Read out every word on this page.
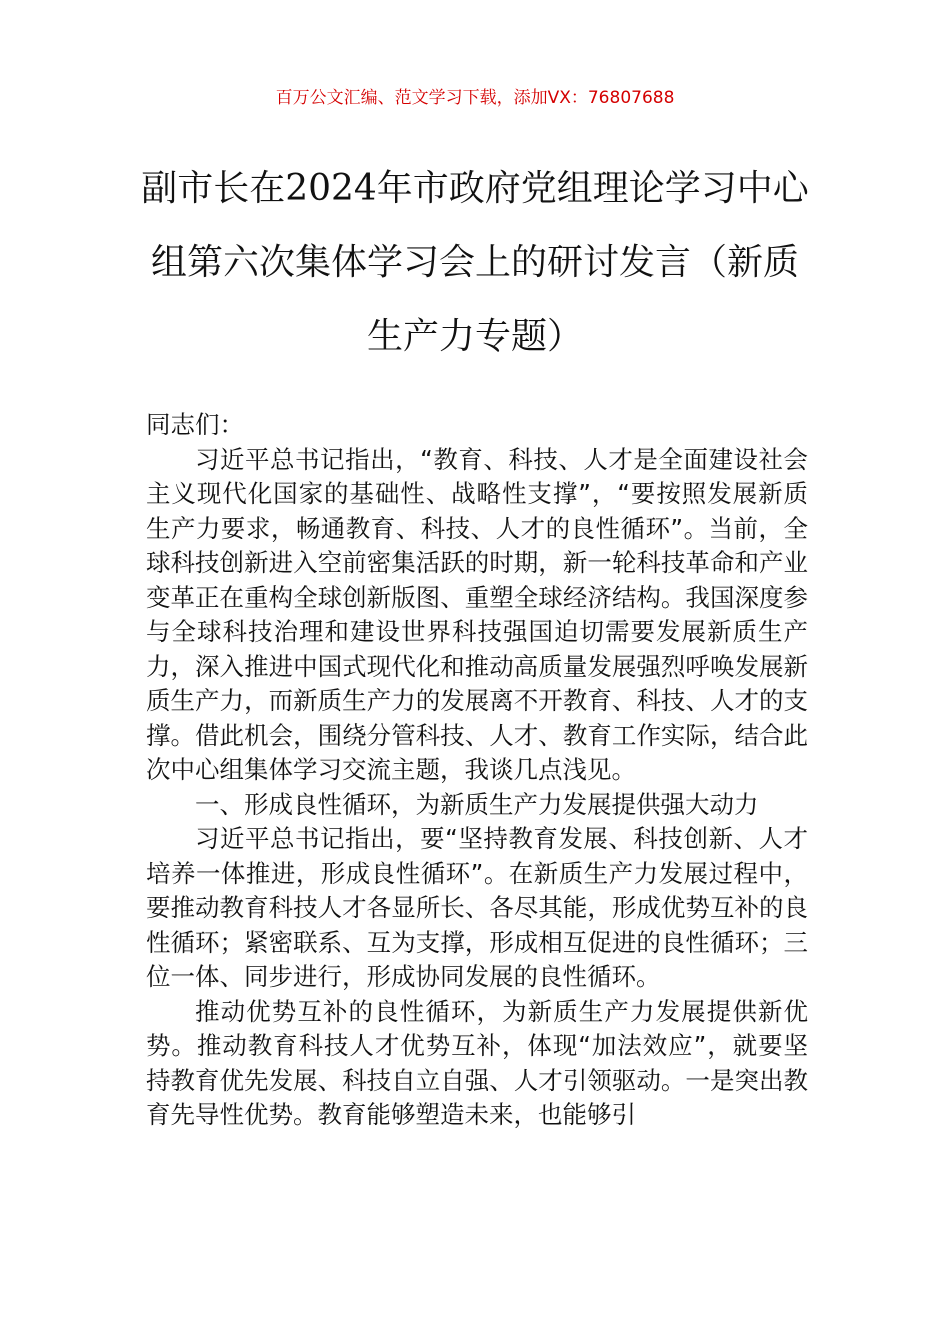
百万公文汇编、范文学习下载，添加VX：76807688
副市长在2024年市政府党组理论学习中心
组第六次集体学习会上的研讨发言（新质
生产力专题）

同志们：

习近平总书记指出，“教育、科技、人才是全面建设社会主义现代化国家的基础性、战略性支撑”，“要按照发展新质生产力要求，畅通教育、科技、人才的良性循环”。当前，全球科技创新进入空前密集活跃的时期，新一轮科技革命和产业变革正在重构全球创新版图、重塑全球经济结构。我国深度参与全球科技治理和建设世界科技强国迫切需要发展新质生产力，深入推进中国式现代化和推动高质量发展强烈呼唤发展新质生产力，而新质生产力的发展离不开教育、科技、人才的支撑。借此机会，围绕分管科技、人才、教育工作实际，结合此次中心组集体学习交流主题，我谈几点浅见。

一、形成良性循环，为新质生产力发展提供强大动力

习近平总书记指出，要“坚持教育发展、科技创新、人才培养一体推进，形成良性循环”。在新质生产力发展过程中，要推动教育科技人才各显所长、各尽其能，形成优势互补的良性循环；紧密联系、互为支撑，形成相互促进的良性循环；三位一体、同步进行，形成协同发展的良性循环。

推动优势互补的良性循环，为新质生产力发展提供新优势。推动教育科技人才优势互补，体现“加法效应”，就要坚持教育优先发展、科技自立自强、人才引领驱动。一是突出教育先导性优势。教育能够塑造未来，也能够引
